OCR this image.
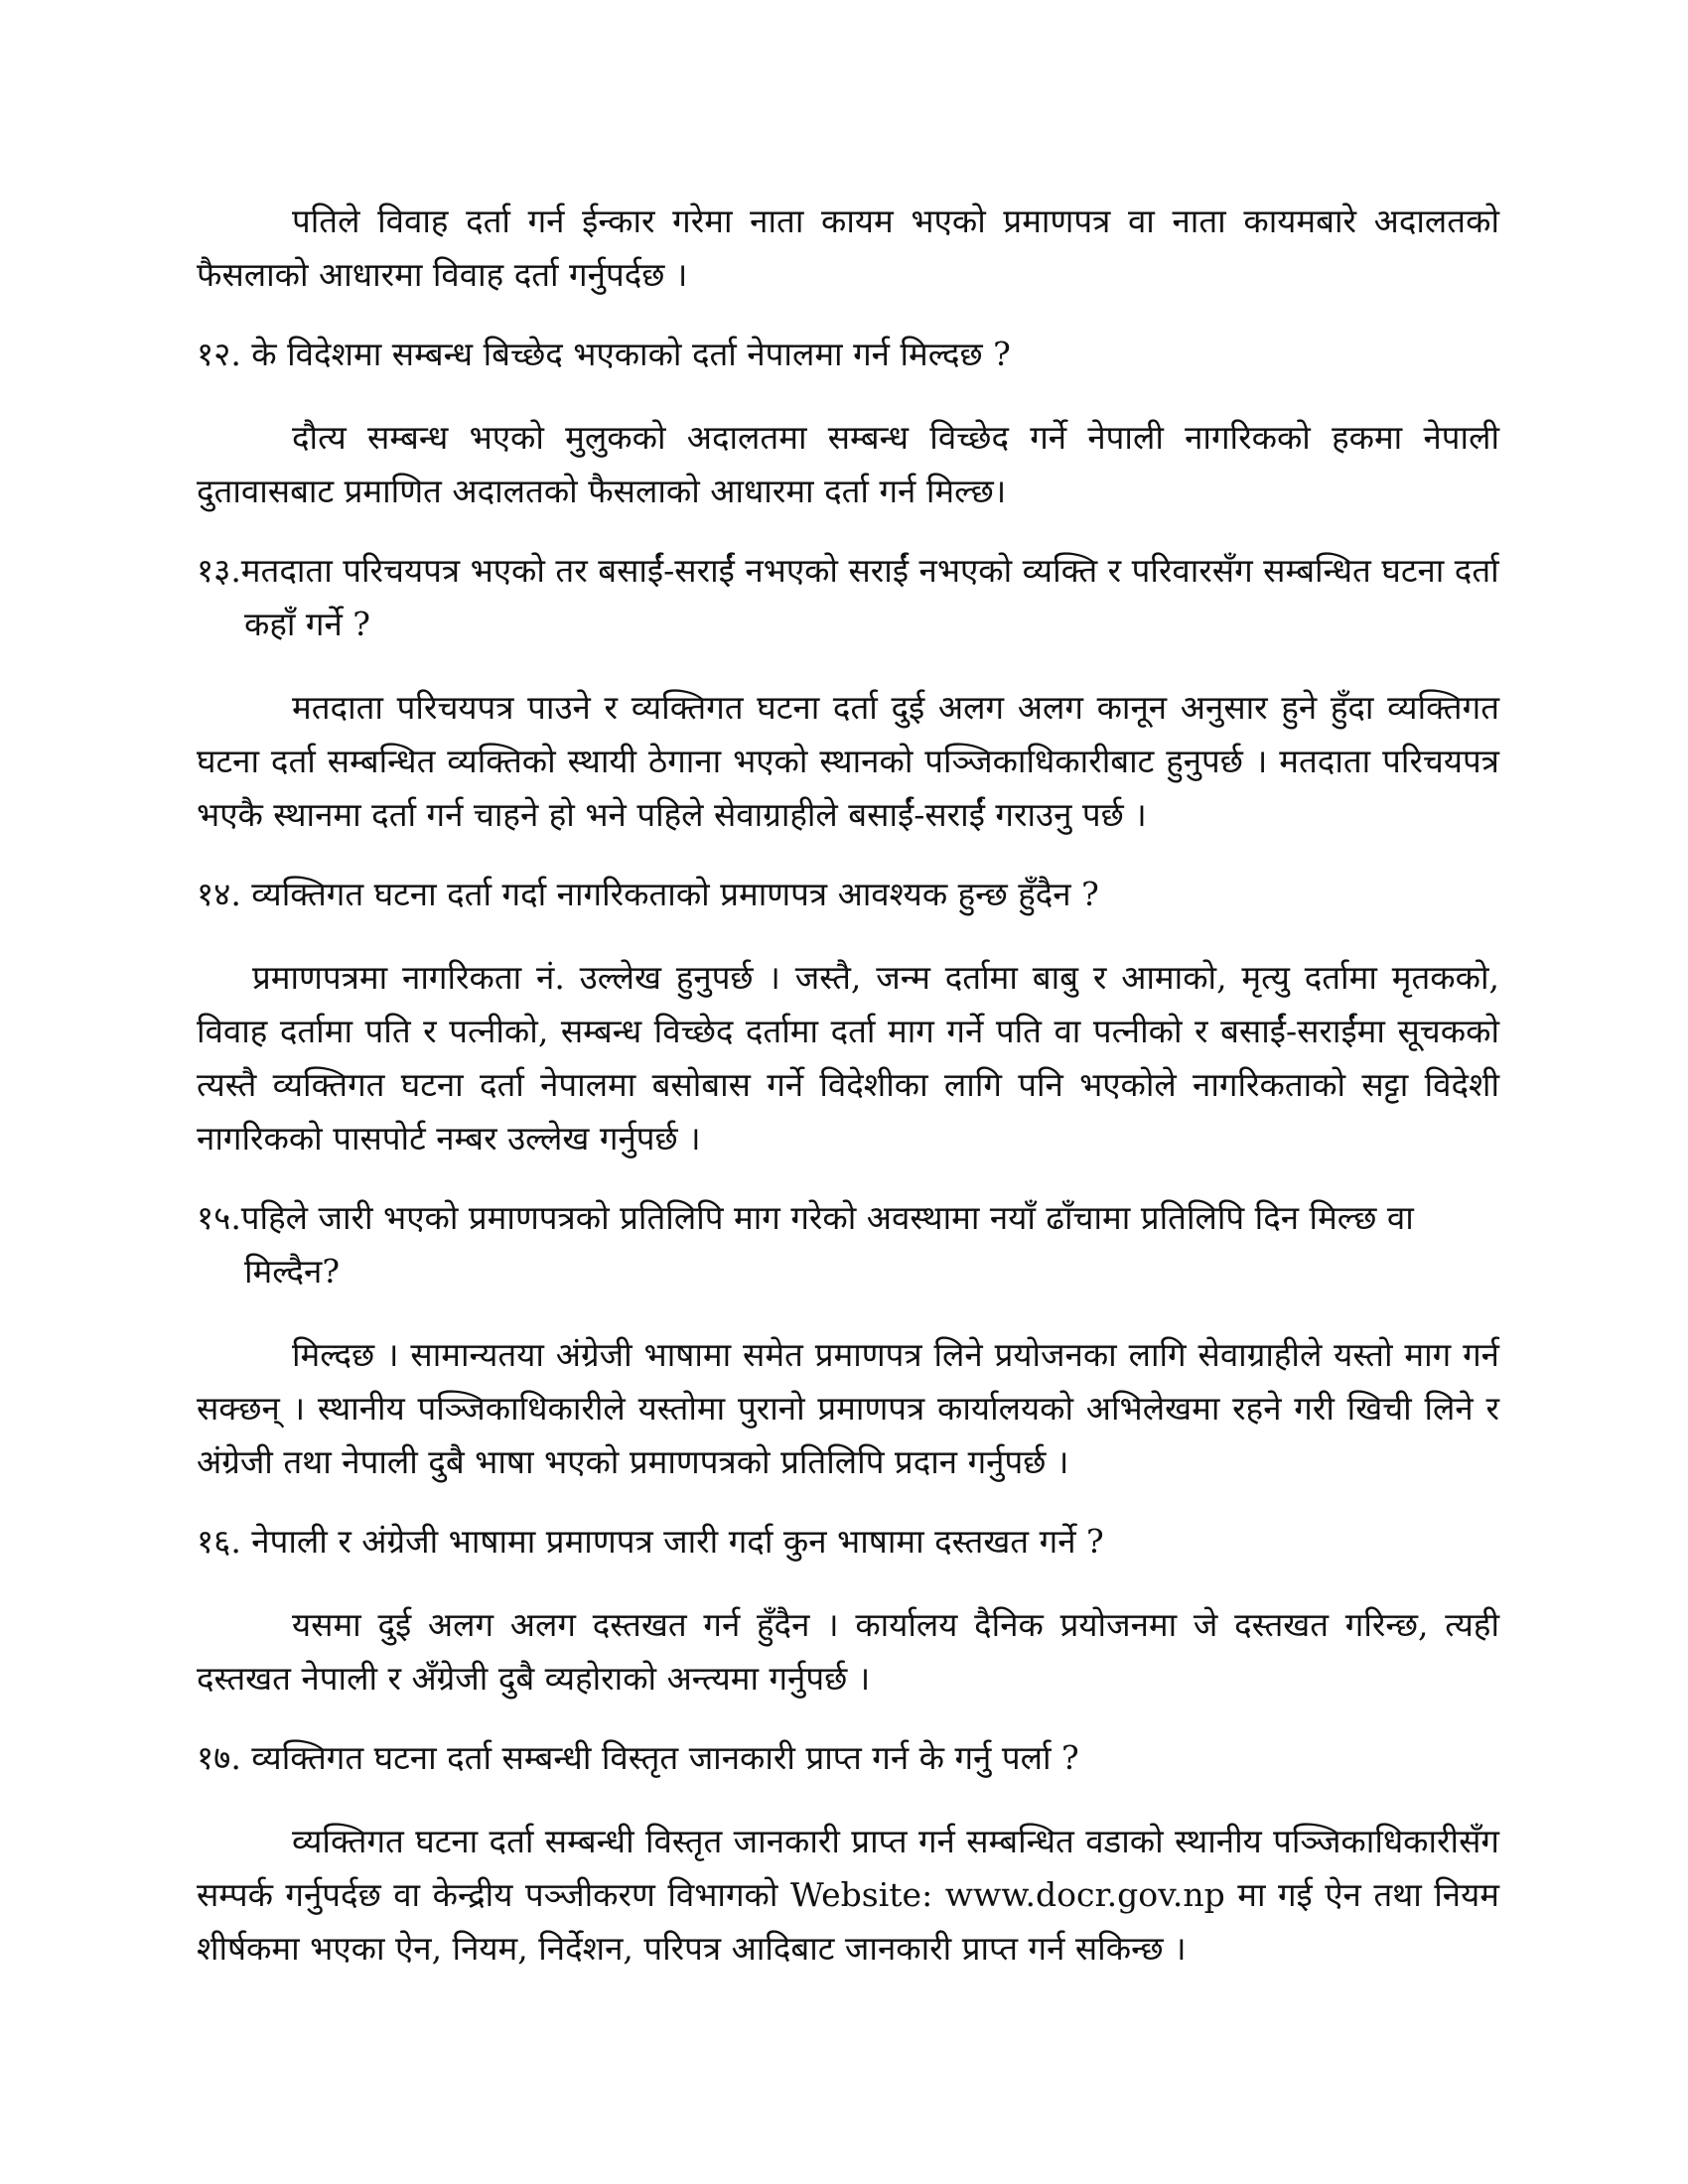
पतिले विवाह दर्ता गर्न ईन्कार गरेमा नाता कायम भएको प्रमाणपत्र वा नाता कायमबारे अदालतको फैसलाको आधारमा विवाह दर्ता गर्नुपर्दछ ।

१२. के विदेशमा सम्बन्ध बिच्छेद भएकाको दर्ता नेपालमा गर्न मिल्दछ ?

दौत्य सम्बन्ध भएको मुलुकको अदालतमा सम्बन्ध विच्छेद गर्ने नेपाली नागरिकको हकमा नेपाली दुतावासबाट प्रमाणित अदालतको फैसलाको आधारमा दर्ता गर्न मिल्छ।

१३.मतदाता परिचयपत्र भएको तर बसाईं-सराईं नभएको सराईं नभएको व्यक्ति र परिवारसँग सम्बन्धित घटना दर्ता कहाँ गर्ने ?

मतदाता परिचयपत्र पाउने र व्यक्तिगत घटना दर्ता दुई अलग अलग कानून अनुसार हुने हुँदा व्यक्तिगत घटना दर्ता सम्बन्धित व्यक्तिको स्थायी ठेगाना भएको स्थानको पञ्जिकाधिकारीबाट हुनुपर्छ । मतदाता परिचयपत्र भएकै स्थानमा दर्ता गर्न चाहने हो भने पहिले सेवाग्राहीले बसाईं-सराईं गराउनु पर्छ ।

१४. व्यक्तिगत घटना दर्ता गर्दा नागरिकताको प्रमाणपत्र आवश्यक हुन्छ हुँदैन ?

प्रमाणपत्रमा नागरिकता नं. उल्लेख हुनुपर्छ । जस्तै, जन्म दर्तामा बाबु र आमाको, मृत्यु दर्तामा मृतकको, विवाह दर्तामा पति र पत्नीको, सम्बन्ध विच्छेद दर्तामा दर्ता माग गर्ने पति वा पत्नीको र बसाईं-सराईंमा सूचकको त्यस्तै व्यक्तिगत घटना दर्ता नेपालमा बसोबास गर्ने विदेशीका लागि पनि भएकोले नागरिकताको सट्टा विदेशी नागरिकको पासपोर्ट नम्बर उल्लेख गर्नुपर्छ ।

१५.पहिले जारी भएको प्रमाणपत्रको प्रतिलिपि माग गरेको अवस्थामा नयाँ ढाँचामा प्रतिलिपि दिन मिल्छ वा मिल्दैन?

मिल्दछ । सामान्यतया अंग्रेजी भाषामा समेत प्रमाणपत्र लिने प्रयोजनका लागि सेवाग्राहीले यस्तो माग गर्न सक्छन् । स्थानीय पञ्जिकाधिकारीले यस्तोमा पुरानो प्रमाणपत्र कार्यालयको अभिलेखमा रहने गरी खिची लिने र अंग्रेजी तथा नेपाली दुबै भाषा भएको प्रमाणपत्रको प्रतिलिपि प्रदान गर्नुपर्छ ।

१६. नेपाली र अंग्रेजी भाषामा प्रमाणपत्र जारी गर्दा कुन भाषामा दस्तखत गर्ने ?

यसमा दुई अलग अलग दस्तखत गर्न हुँदैन । कार्यालय दैनिक प्रयोजनमा जे दस्तखत गरिन्छ, त्यही दस्तखत नेपाली र अँग्रेजी दुबै व्यहोराको अन्त्यमा गर्नुपर्छ ।

१७. व्यक्तिगत घटना दर्ता सम्बन्धी विस्तृत जानकारी प्राप्त गर्न के गर्नु पर्ला ?

व्यक्तिगत घटना दर्ता सम्बन्धी विस्तृत जानकारी प्राप्त गर्न सम्बन्धित वडाको स्थानीय पञ्जिकाधिकारीसँग सम्पर्क गर्नुपर्दछ वा केन्द्रीय पञ्जीकरण विभागको Website: www.docr.gov.np मा गई ऐन तथा नियम शीर्षकमा भएका ऐन, नियम, निर्देशन, परिपत्र आदिबाट जानकारी प्राप्त गर्न सकिन्छ ।
